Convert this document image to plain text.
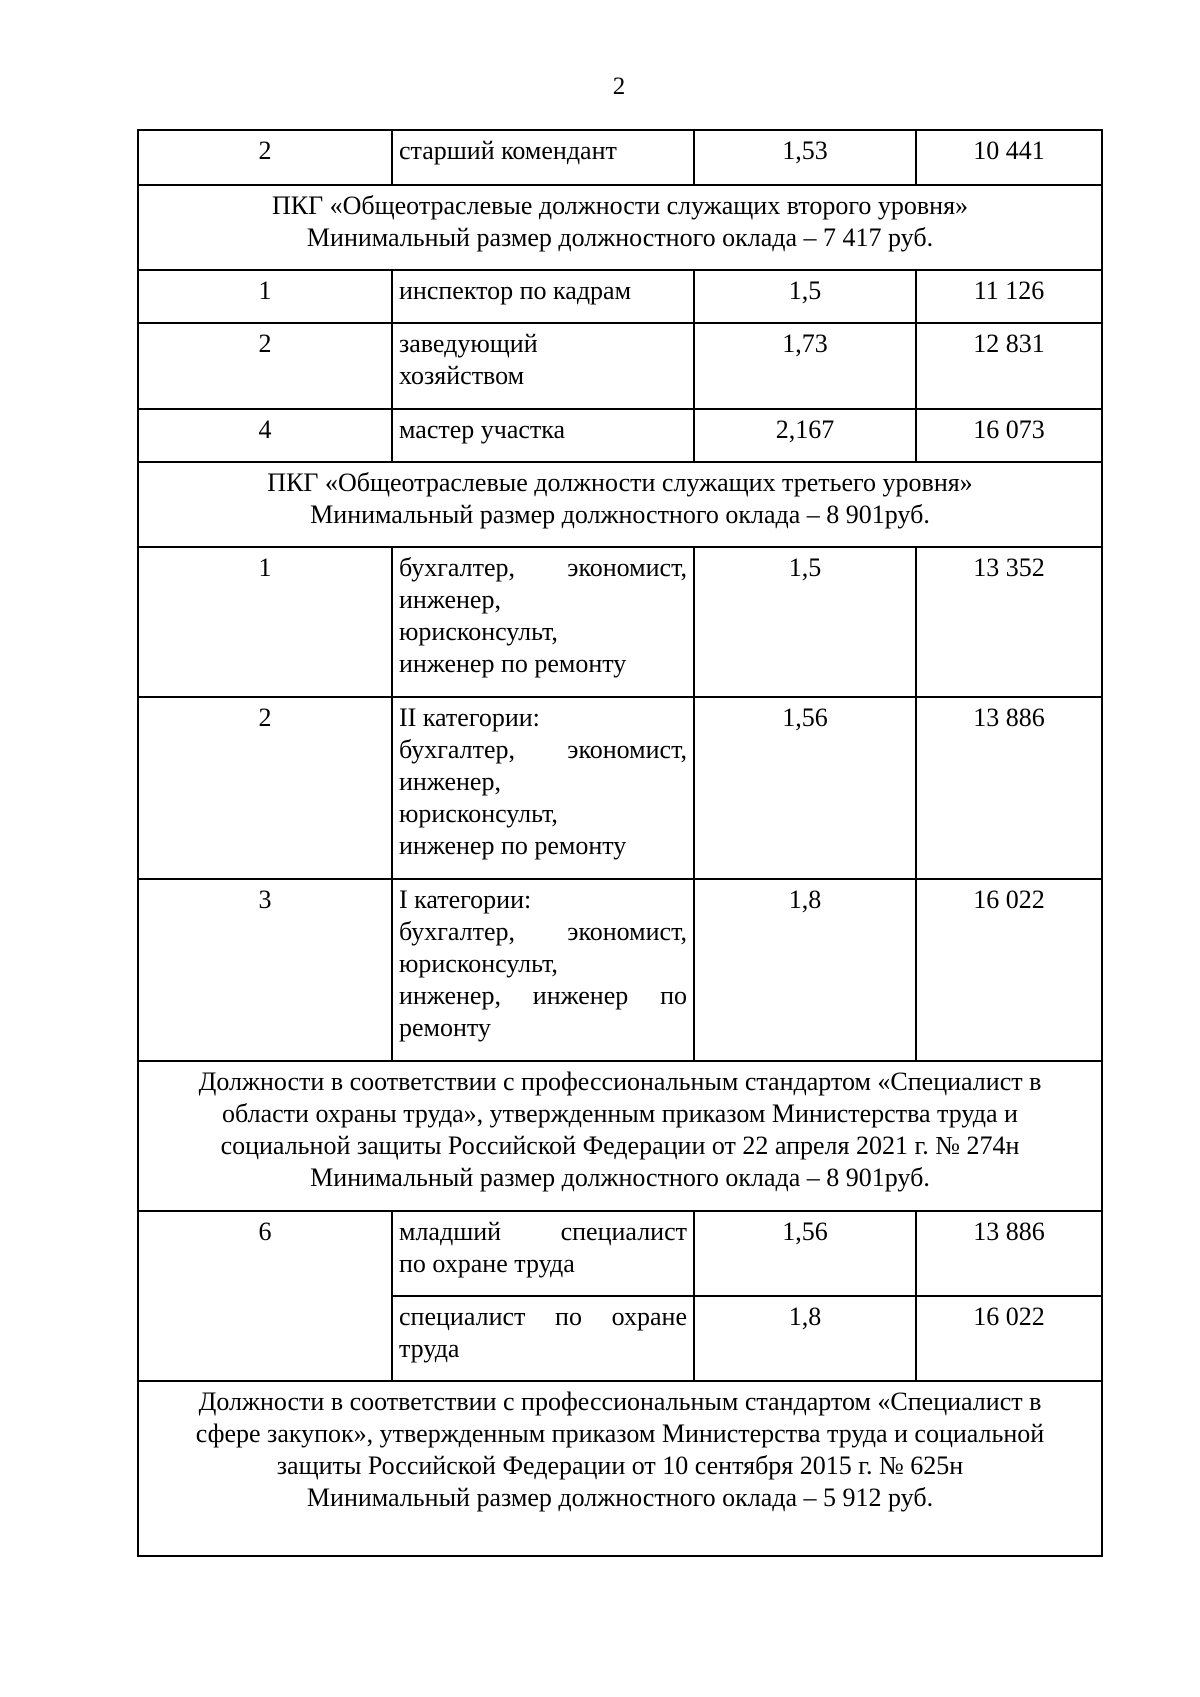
2
2	старший комендант	1,53	10 441

ПКГ «Общеотраслевые должности служащих второго уровня»
Минимальный размер должностного оклада – 7 417 руб.			

1	инспектор по кадрам	1,5	11 126
2	заведующий
хозяйством	1,73	12 831
4	мастер участка	2,167	16 073

ПКГ «Общеотраслевые должности служащих третьего уровня»
Минимальный размер должностного оклада – 8 901руб.			

1	бухгалтер, экономист,
инженер,
юрисконсульт,
инженер по ремонту	1,5	13 352
2	II категории:
бухгалтер, экономист,
инженер,
юрисконсульт,
инженер по ремонту	1,56	13 886
3	I категории:
бухгалтер, экономист,
юрисконсульт,
инженер, инженер по
ремонту	1,8	16 022

Должности в соответствии с профессиональным стандартом «Специалист в
области охраны труда», утвержденным приказом Министерства труда и
социальной защиты Российской Федерации от 22 апреля 2021 г. № 274н
Минимальный размер должностного оклада – 8 901руб.			

6	младший специалист
по охране труда	1,56	13 886

	специалист по охране
труда	1,8	16 022

Должности в соответствии с профессиональным стандартом «Специалист в
сфере закупок», утвержденным приказом Министерства труда и социальной
защиты Российской Федерации от 10 сентября 2015 г. № 625н
Минимальный размер должностного оклада – 5 912 руб.			
